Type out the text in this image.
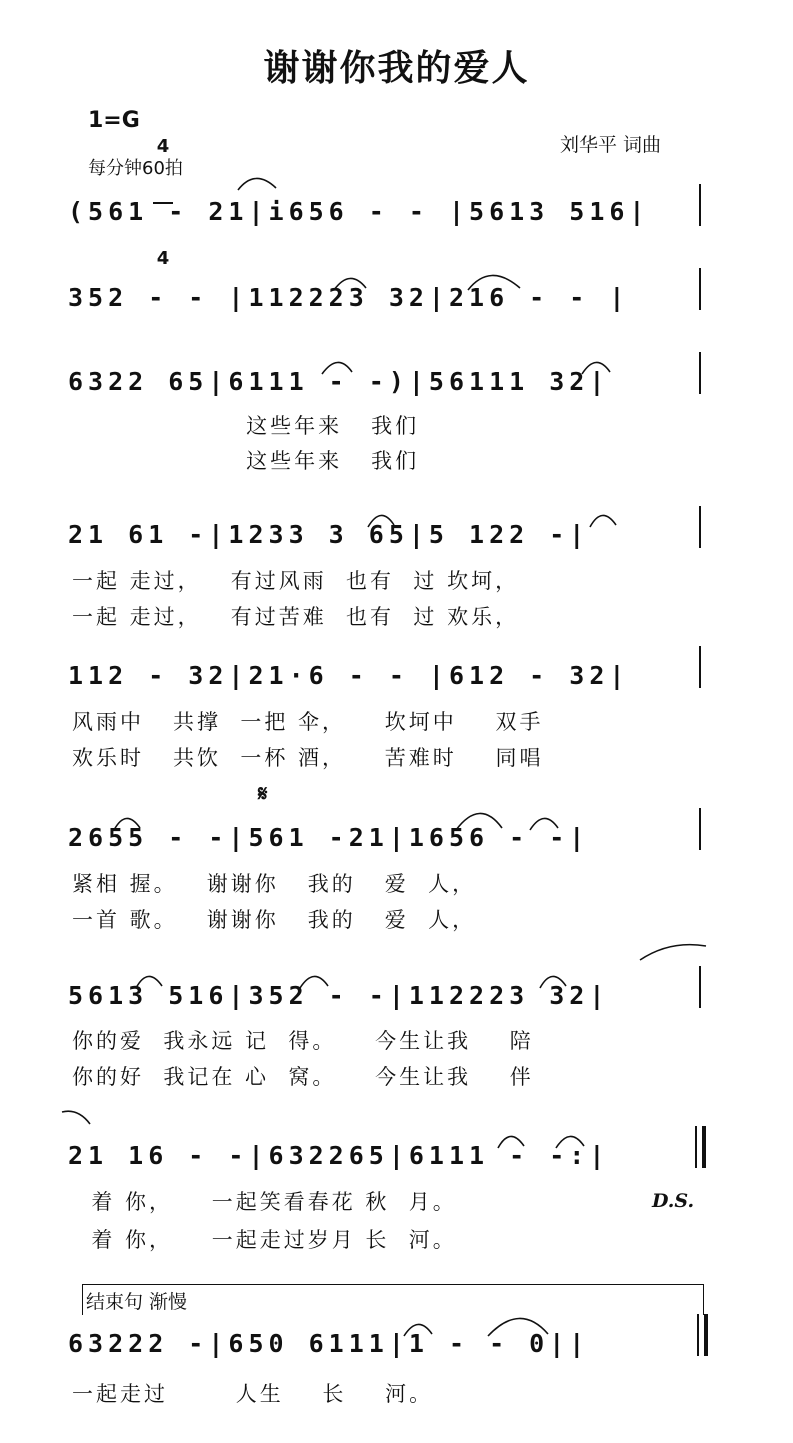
谢谢你我的爱人
1=G

4

4

每分钟60拍
刘华平 词曲
(561 - 21|i656 - - |5613 516|
352 - - |112223 32|216 - - |
6322 65|6111 - -)|56111 32|
这些年来   我们
这些年来   我们
21 61 -|1233 3 65|5 122 -|
一起 走过，   有过风雨  也有  过 坎坷，
一起 走过，   有过苦难  也有  过 欢乐，
112 - 32|21·6 - - |612 - 32|
风雨中   共撑  一把 伞，    坎坷中    双手
欢乐时   共饮  一杯 酒，    苦难时    同唱
𝄋
2655 - -|561 -21|1656 - -|
紧相 握。   谢谢你   我的   爱  人，
一首 歌。   谢谢你   我的   爱  人，
5613 516|352 - -|112223 32|
你的爱  我永远 记  得。    今生让我    陪
你的好  我记在 心  窝。    今生让我    伴
21 16 - -|632265|6111 - -:|
着 你，    一起笑看春花 秋  月。
着 你，    一起走过岁月 长  河。
D.S.
结束句 渐慢
63222 -|650 6111|1 - - 0||
一起走过       人生    长    河。
